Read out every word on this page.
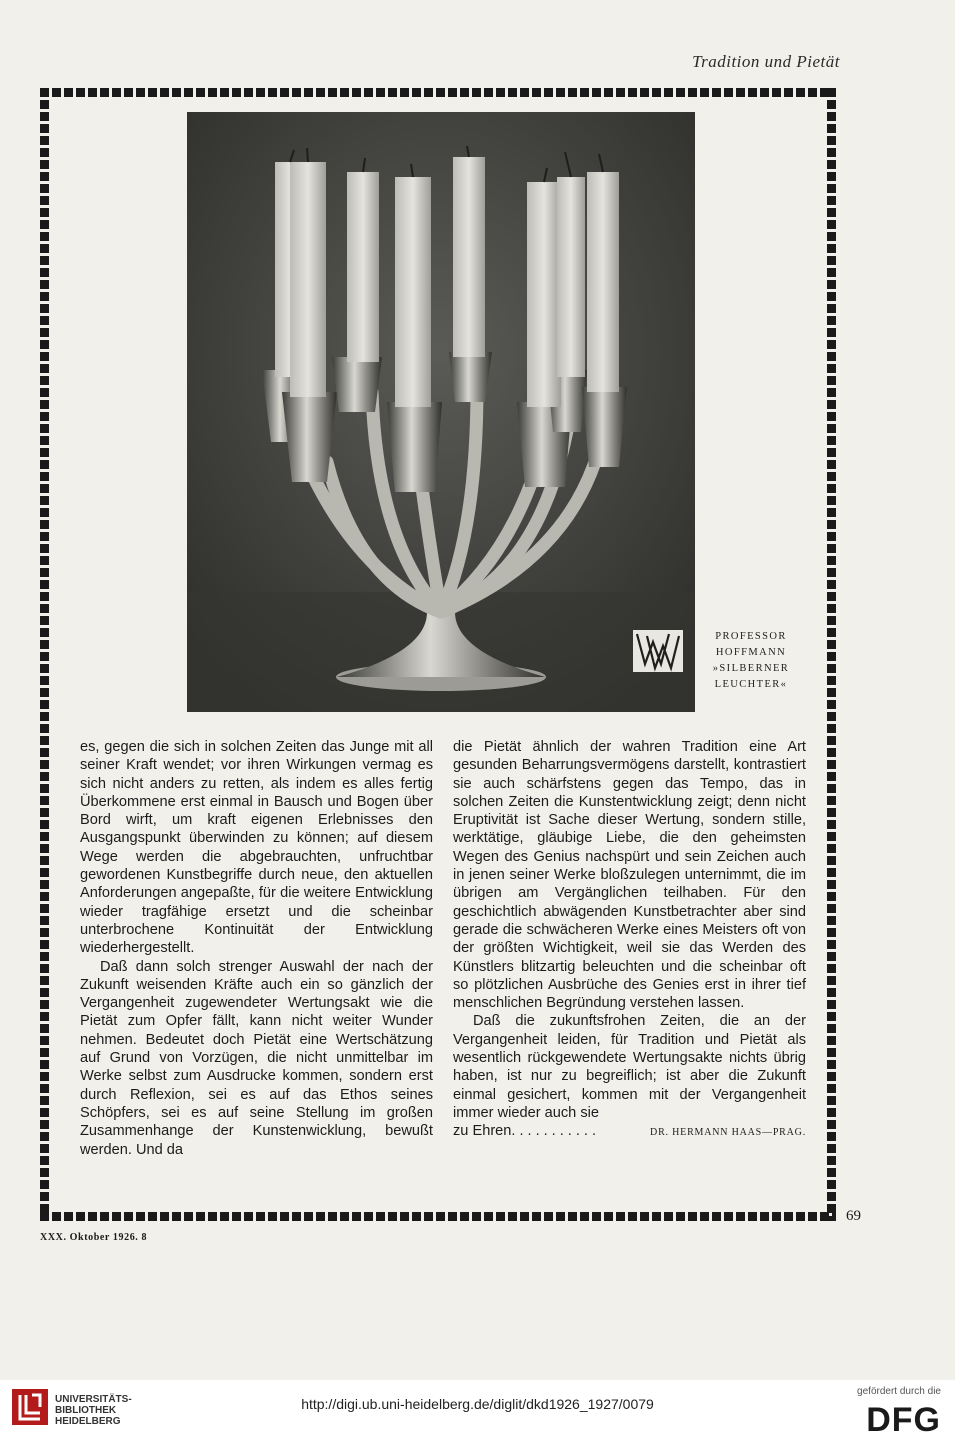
Tradition und Pietät
PROFESSOR
HOFFMANN
»SILBERNER
LEUCHTER«

es, gegen die sich in solchen Zeiten das Junge mit all seiner Kraft wendet; vor ihren Wirkungen vermag es sich nicht anders zu retten, als indem es alles fertig Überkommene erst einmal in Bausch und Bogen über Bord wirft, um kraft eigenen Erlebnisses den Ausgangspunkt überwinden zu können; auf diesem Wege werden die abgebrauchten, unfruchtbar gewordenen Kunstbegriffe durch neue, den aktuellen Anforderungen angepaßte, für die weitere Entwicklung wieder tragfähige ersetzt und die scheinbar unterbrochene Kontinuität der Entwicklung wiederhergestellt.

Daß dann solch strenger Auswahl der nach der Zukunft weisenden Kräfte auch ein so gänzlich der Vergangenheit zugewendeter Wertungsakt wie die Pietät zum Opfer fällt, kann nicht weiter Wunder nehmen. Bedeutet doch Pietät eine Wertschätzung auf Grund von Vorzügen, die nicht unmittelbar im Werke selbst zum Ausdrucke kommen, sondern erst durch Reflexion, sei es auf das Ethos seines Schöpfers, sei es auf seine Stellung im großen Zusammenhange der Kunstenwicklung, bewußt werden. Und da

die Pietät ähnlich der wahren Tradition eine Art gesunden Beharrungsvermögens darstellt, kontrastiert sie auch schärfstens gegen das Tempo, das in solchen Zeiten die Kunstentwicklung zeigt; denn nicht Eruptivität ist Sache dieser Wertung, sondern stille, werktätige, gläubige Liebe, die den geheimsten Wegen des Genius nachspürt und sein Zeichen auch in jenen seiner Werke bloßzulegen unternimmt, die im übrigen am Vergänglichen teilhaben. Für den geschichtlich abwägenden Kunstbetrachter aber sind gerade die schwächeren Werke eines Meisters oft von der größten Wichtigkeit, weil sie das Werden des Künstlers blitzartig beleuchten und die scheinbar oft so plötzlichen Ausbrüche des Genies erst in ihrer tief menschlichen Begründung verstehen lassen.

Daß die zukunftsfrohen Zeiten, die an der Vergangenheit leiden, für Tradition und Pietät als wesentlich rückgewendete Wertungsakte nichts übrig haben, ist nur zu begreiflich; ist aber die Zukunft einmal gesichert, kommen mit der Vergangenheit immer wieder auch sie

zu Ehren. ..........	DR. HERMANN HAAS—PRAG.
69
XXX. Oktober 1926. 8
UNIVERSITÄTS-
BIBLIOTHEK
HEIDELBERG
http://digi.ub.uni-heidelberg.de/diglit/dkd1926_1927/0079
gefördert durch die
DFG
